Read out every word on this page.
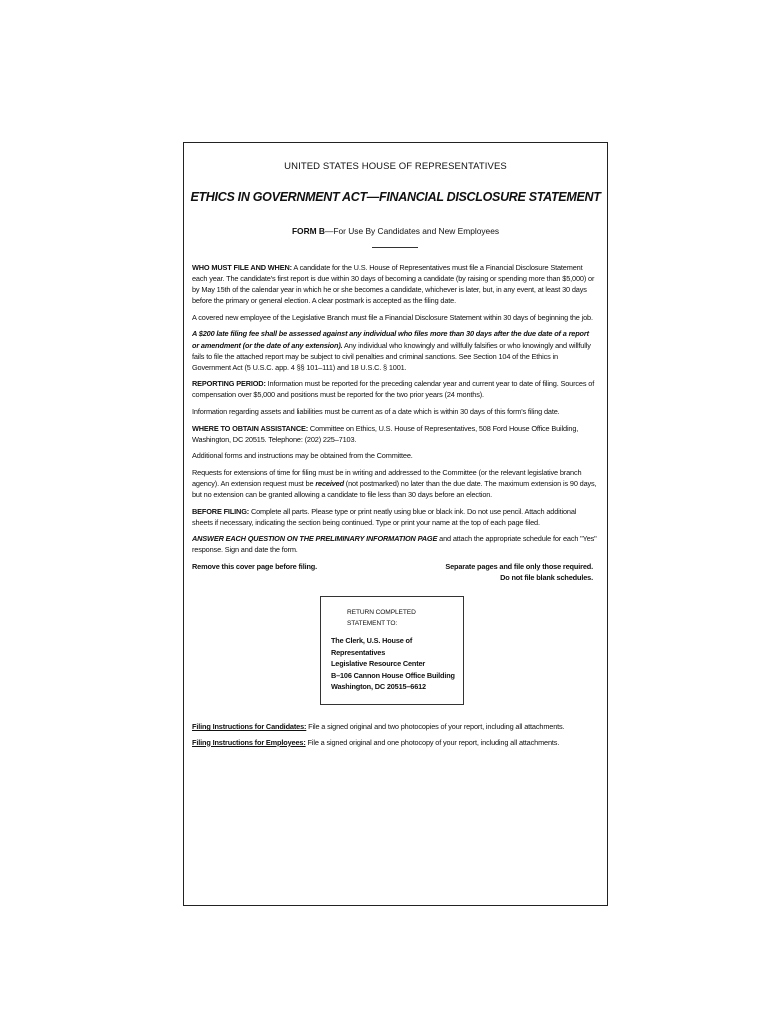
UNITED STATES HOUSE OF REPRESENTATIVES
ETHICS IN GOVERNMENT ACT—FINANCIAL DISCLOSURE STATEMENT
FORM B—For Use By Candidates and New Employees

WHO MUST FILE AND WHEN: A candidate for the U.S. House of Representatives must file a Financial Disclosure Statement each year. The candidate's first report is due within 30 days of becoming a candidate (by raising or spending more than $5,000) or by May 15th of the calendar year in which he or she becomes a candidate, whichever is later, but, in any event, at least 30 days before the primary or general election. A clear postmark is accepted as the filing date.

A covered new employee of the Legislative Branch must file a Financial Disclosure Statement within 30 days of beginning the job.

A $200 late filing fee shall be assessed against any individual who files more than 30 days after the due date of a report or amendment (or the date of any extension). Any individual who knowingly and willfully falsifies or who knowingly and willfully fails to file the attached report may be subject to civil penalties and criminal sanctions. See Section 104 of the Ethics in Government Act (5 U.S.C. app. 4 §§ 101–111) and 18 U.S.C. § 1001.

REPORTING PERIOD: Information must be reported for the preceding calendar year and current year to date of filing. Sources of compensation over $5,000 and positions must be reported for the two prior years (24 months).

Information regarding assets and liabilities must be current as of a date which is within 30 days of this form's filing date.

WHERE TO OBTAIN ASSISTANCE: Committee on Ethics, U.S. House of Representatives, 508 Ford House Office Building, Washington, DC 20515. Telephone: (202) 225–7103.

Additional forms and instructions may be obtained from the Committee.

Requests for extensions of time for filing must be in writing and addressed to the Committee (or the relevant legislative branch agency). An extension request must be received (not postmarked) no later than the due date. The maximum extension is 90 days, but no extension can be granted allowing a candidate to file less than 30 days before an election.

BEFORE FILING: Complete all parts. Please type or print neatly using blue or black ink. Do not use pencil. Attach additional sheets if necessary, indicating the section being continued. Type or print your name at the top of each page filed.

ANSWER EACH QUESTION ON THE PRELIMINARY INFORMATION PAGE and attach the appropriate schedule for each "Yes" response. Sign and date the form.

Remove this cover page before filing.	Separate pages and file only those required.
Do not file blank schedules.
RETURN COMPLETED STATEMENT TO:
The Clerk, U.S. House of Representatives
Legislative Resource Center
B–106 Cannon House Office Building
Washington, DC 20515–6612

Filing Instructions for Candidates: File a signed original and two photocopies of your report, including all attachments.

Filing Instructions for Employees: File a signed original and one photocopy of your report, including all attachments.
